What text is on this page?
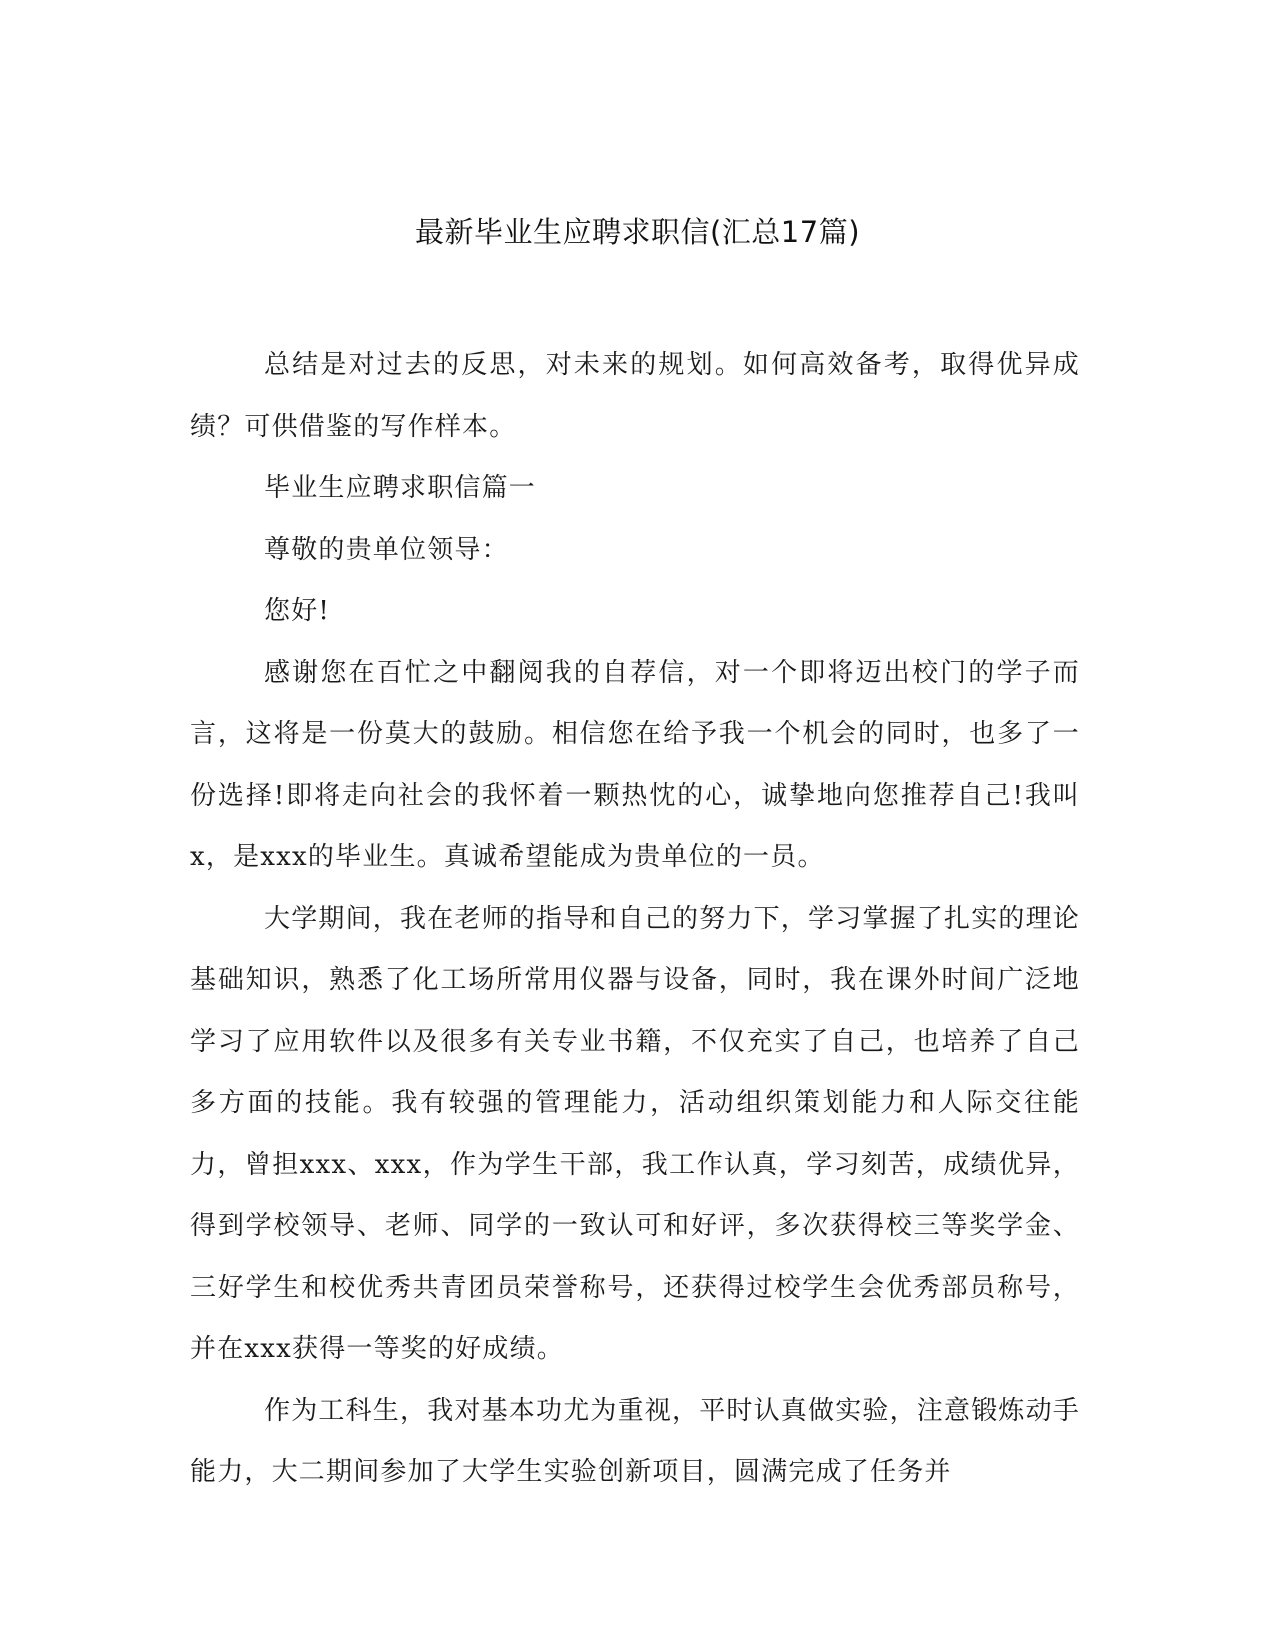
最新毕业生应聘求职信(汇总17篇)

总结是对过去的反思，对未来的规划。如何高效备考，取得优异成绩？可供借鉴的写作样本。

毕业生应聘求职信篇一

尊敬的贵单位领导：

您好!

感谢您在百忙之中翻阅我的自荐信，对一个即将迈出校门的学子而言，这将是一份莫大的鼓励。相信您在给予我一个机会的同时，也多了一份选择!即将走向社会的我怀着一颗热忱的心，诚挚地向您推荐自己!我叫x，是xxx的毕业生。真诚希望能成为贵单位的一员。

大学期间，我在老师的指导和自己的努力下，学习掌握了扎实的理论基础知识，熟悉了化工场所常用仪器与设备，同时，我在课外时间广泛地学习了应用软件以及很多有关专业书籍，不仅充实了自己，也培养了自己多方面的技能。我有较强的管理能力，活动组织策划能力和人际交往能力，曾担xxx、xxx，作为学生干部，我工作认真，学习刻苦，成绩优异，得到学校领导、老师、同学的一致认可和好评，多次获得校三等奖学金、三好学生和校优秀共青团员荣誉称号，还获得过校学生会优秀部员称号，并在xxx获得一等奖的好成绩。

作为工科生，我对基本功尤为重视，平时认真做实验，注意锻炼动手能力，大二期间参加了大学生实验创新项目，圆满完成了任务并
